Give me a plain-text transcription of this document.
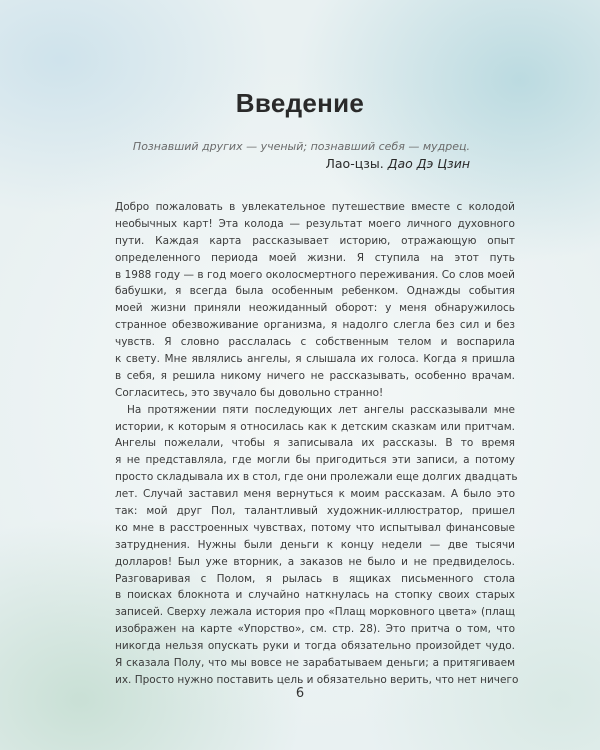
Введение
Познавший других — ученый; познавший себя — мудрец.
Лао-цзы. Дао Дэ Цзин
Добро пожаловать в увлекательное путешествие вместе с колодой
необычных карт! Эта колода — результат моего личного духовного
пути. Каждая карта рассказывает историю, отражающую опыт
определенного периода моей жизни. Я ступила на этот путь
в 1988 году — в год моего околосмертного переживания. Со слов моей
бабушки, я всегда была особенным ребенком. Однажды события
моей жизни приняли неожиданный оборот: у меня обнаружилось
странное обезвоживание организма, я надолго слегла без сил и без
чувств. Я словно расслалась с собственным телом и воспарила
к свету. Мне являлись ангелы, я слышала их голоса. Когда я пришла
в себя, я решила никому ничего не рассказывать, особенно врачам.
Согласитесь, это звучало бы довольно странно!
На протяжении пяти последующих лет ангелы рассказывали мне
истории, к которым я относилась как к детским сказкам или притчам.
Ангелы пожелали, чтобы я записывала их рассказы. В то время
я не представляла, где могли бы пригодиться эти записи, а потому
просто складывала их в стол, где они пролежали еще долгих двадцать
лет. Случай заставил меня вернуться к моим рассказам. А было это
так: мой друг Пол, талантливый художник-иллюстратор, пришел
ко мне в расстроенных чувствах, потому что испытывал финансовые
затруднения. Нужны были деньги к концу недели — две тысячи
долларов! Был уже вторник, а заказов не было и не предвиделось.
Разговаривая с Полом, я рылась в ящиках письменного стола
в поисках блокнота и случайно наткнулась на стопку своих старых
записей. Сверху лежала история про «Плащ морковного цвета» (плащ
изображен на карте «Упорство», см. стр. 28). Это притча о том, что
никогда нельзя опускать руки и тогда обязательно произойдет чудо.
Я сказала Полу, что мы вовсе не зарабатываем деньги; а притягиваем
их. Просто нужно поставить цель и обязательно верить, что нет ничего
6
